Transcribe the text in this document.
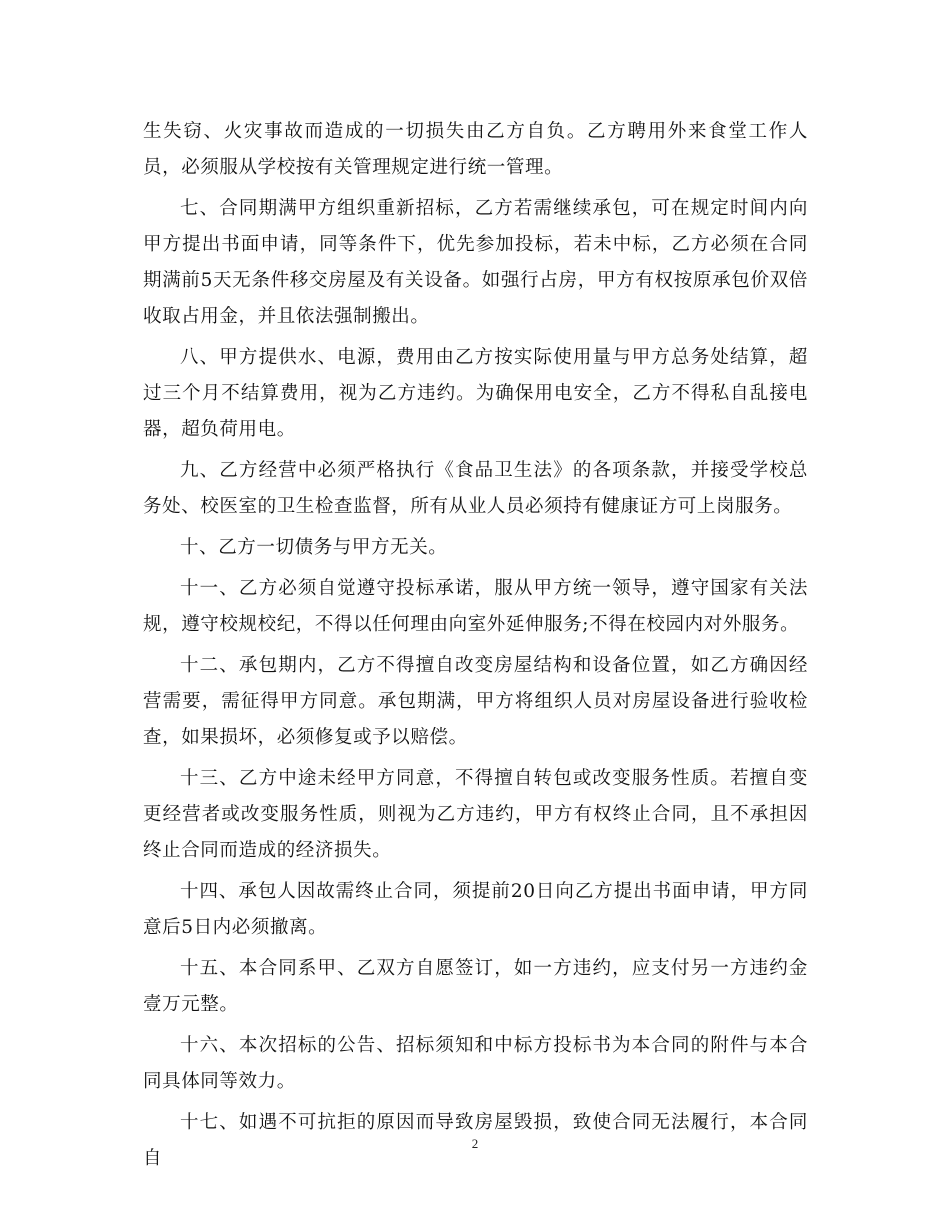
生失窃、火灾事故而造成的一切损失由乙方自负。乙方聘用外来食堂工作人员，必须服从学校按有关管理规定进行统一管理。

七、合同期满甲方组织重新招标，乙方若需继续承包，可在规定时间内向甲方提出书面申请，同等条件下，优先参加投标，若未中标，乙方必须在合同期满前5天无条件移交房屋及有关设备。如强行占房，甲方有权按原承包价双倍收取占用金，并且依法强制搬出。

八、甲方提供水、电源，费用由乙方按实际使用量与甲方总务处结算，超过三个月不结算费用，视为乙方违约。为确保用电安全，乙方不得私自乱接电器，超负荷用电。

九、乙方经营中必须严格执行《食品卫生法》的各项条款，并接受学校总务处、校医室的卫生检查监督，所有从业人员必须持有健康证方可上岗服务。

十、乙方一切债务与甲方无关。

十一、乙方必须自觉遵守投标承诺，服从甲方统一领导，遵守国家有关法规，遵守校规校纪，不得以任何理由向室外延伸服务;不得在校园内对外服务。

十二、承包期内，乙方不得擅自改变房屋结构和设备位置，如乙方确因经营需要，需征得甲方同意。承包期满，甲方将组织人员对房屋设备进行验收检查，如果损坏，必须修复或予以赔偿。

十三、乙方中途未经甲方同意，不得擅自转包或改变服务性质。若擅自变更经营者或改变服务性质，则视为乙方违约，甲方有权终止合同，且不承担因终止合同而造成的经济损失。

十四、承包人因故需终止合同，须提前20日向乙方提出书面申请，甲方同意后5日内必须撤离。

十五、本合同系甲、乙双方自愿签订，如一方违约，应支付另一方违约金壹万元整。

十六、本次招标的公告、招标须知和中标方投标书为本合同的附件与本合同具体同等效力。

十七、如遇不可抗拒的原因而导致房屋毁损，致使合同无法履行，本合同自

2
